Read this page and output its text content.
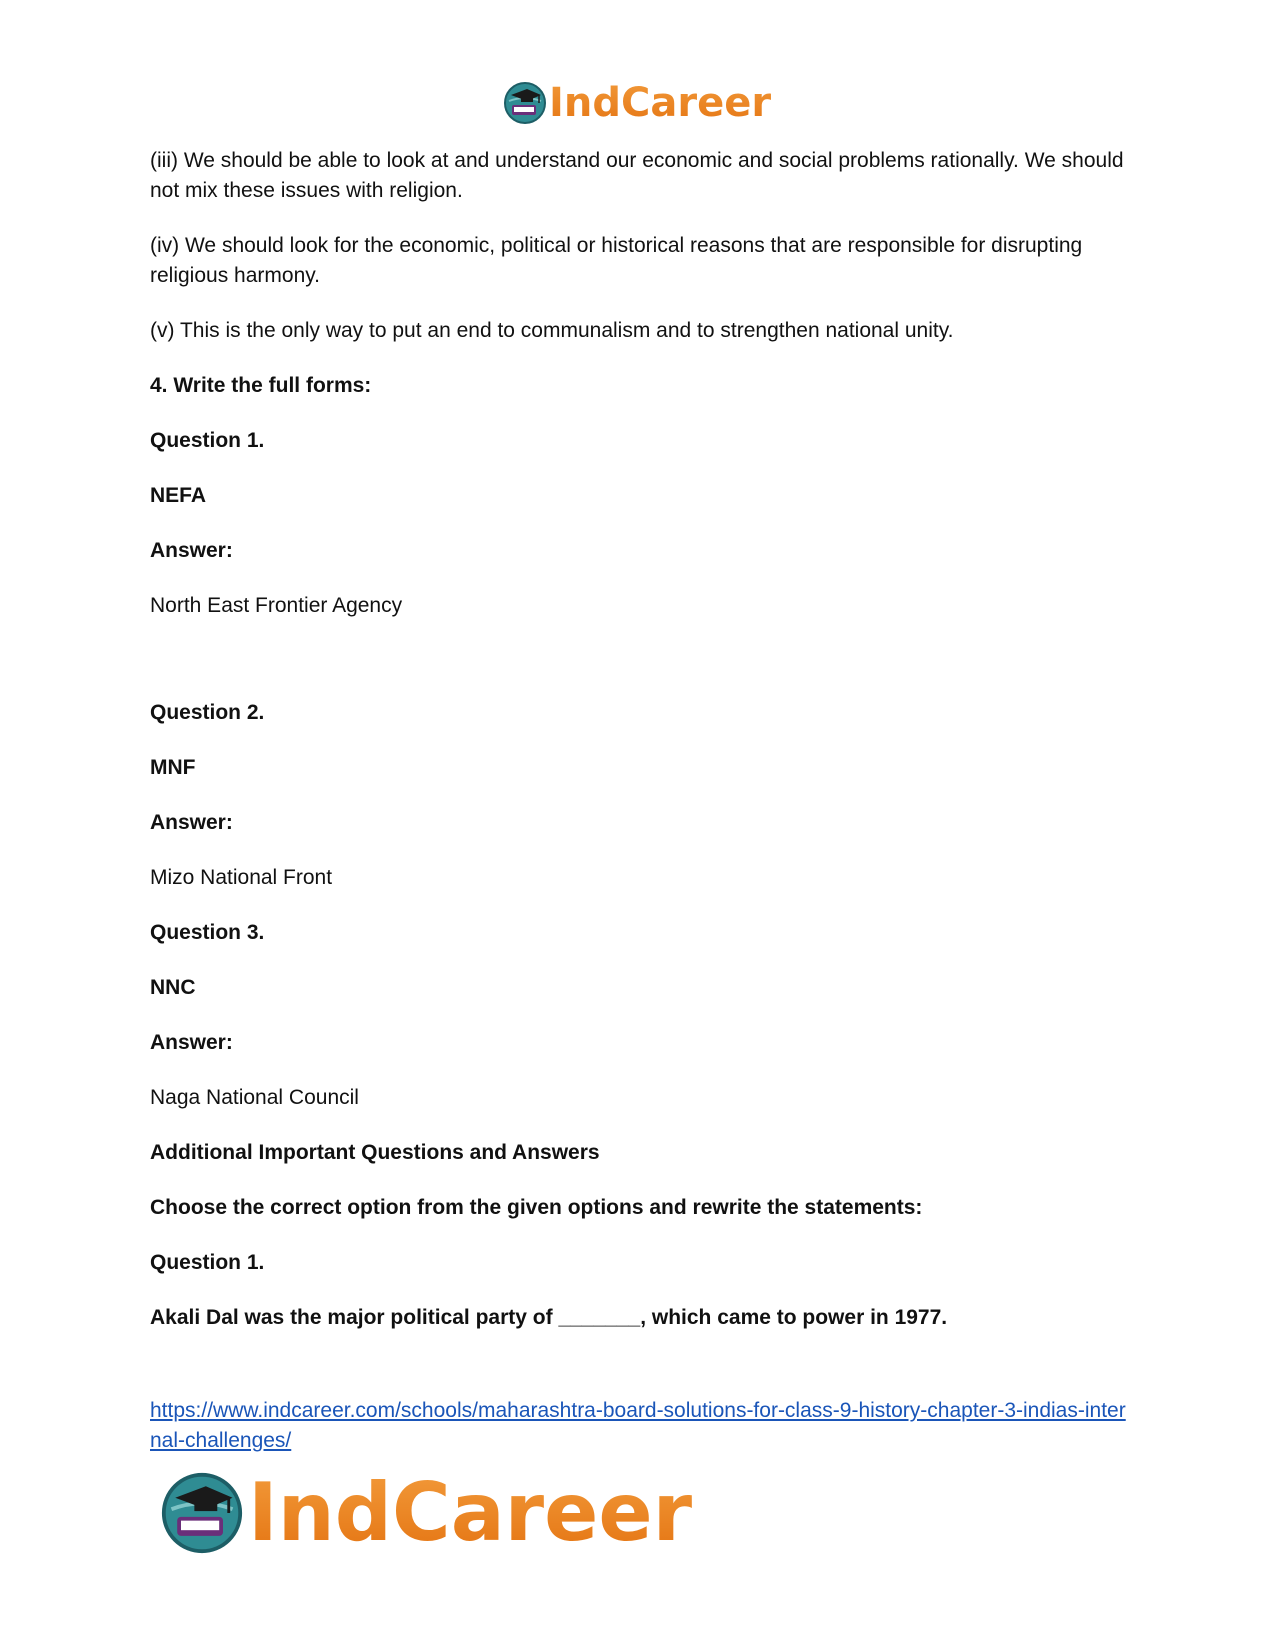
IndCareer

(iii) We should be able to look at and understand our economic and social problems rationally. We should not mix these issues with religion.

(iv) We should look for the economic, political or historical reasons that are responsible for disrupting religious harmony.

(v) This is the only way to put an end to communalism and to strengthen national unity.

4. Write the full forms:

Question 1.

NEFA

Answer:

North East Frontier Agency

Question 2.

MNF

Answer:

Mizo National Front

Question 3.

NNC

Answer:

Naga National Council

Additional Important Questions and Answers

Choose the correct option from the given options and rewrite the statements:

Question 1.

Akali Dal was the major political party of _______, which came to power in 1977.

https://www.indcareer.com/schools/maharashtra-board-solutions-for-class-9-history-chapter-3-indias-internal-challenges/
IndCareer
